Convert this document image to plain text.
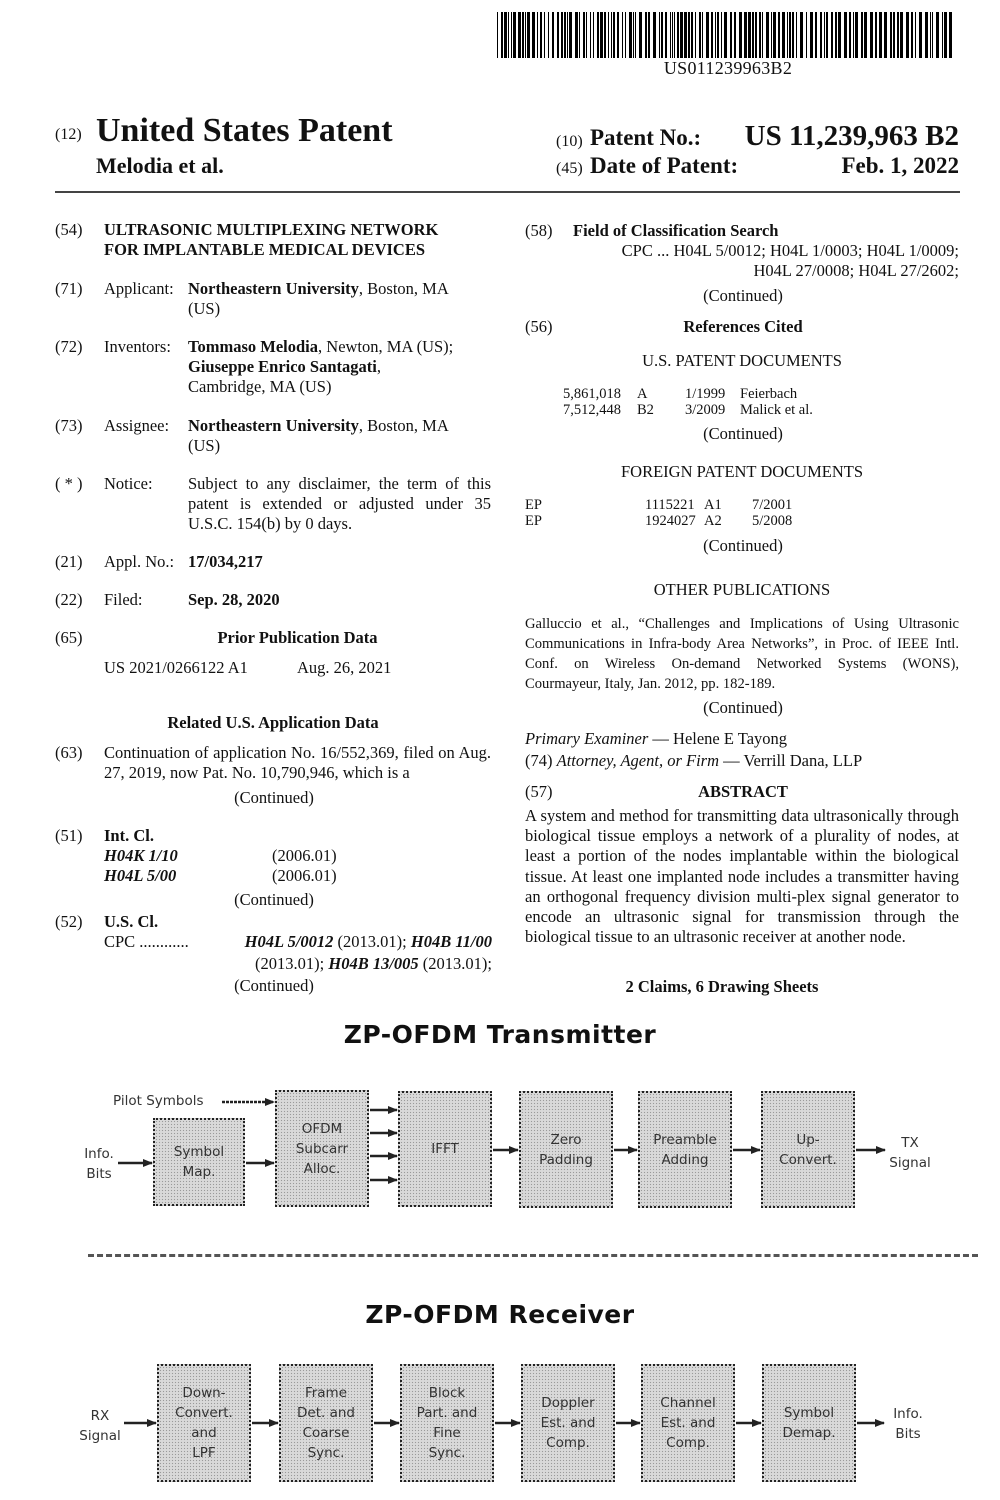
US011239963B2
(12) United States Patent
Melodia et al.
(10) Patent No.:	US 11,239,963 B2
(45) Date of Patent:	Feb. 1, 2022
(54) ULTRASONIC MULTIPLEXING NETWORK
FOR IMPLANTABLE MEDICAL DEVICES
(71) Applicant: Northeastern University, Boston, MA
(US)
(72) Inventors: Tommaso Melodia, Newton, MA (US);
Giuseppe Enrico Santagati,
Cambridge, MA (US)
(73) Assignee: Northeastern University, Boston, MA
(US)
( * ) Notice: Subject to any disclaimer, the term of this patent is extended or adjusted under 35 U.S.C. 154(b) by 0 days.
(21) Appl. No.: 17/034,217
(22) Filed:	Sep. 28, 2020
(65)	Prior Publication Data
US 2021/0266122 A1	Aug. 26, 2021
Related U.S. Application Data
(63) Continuation of application No. 16/552,369, filed on Aug. 27, 2019, now Pat. No. 10,790,946, which is a
(Continued)
(51) Int. Cl.
H04K 1/10	(2006.01)
H04L 5/00	(2006.01)
(Continued)
(52) U.S. Cl.
CPC ............	H04L 5/0012 (2013.01); H04B 11/00
(2013.01); H04B 13/005 (2013.01);
(Continued)
(58) Field of Classification Search
CPC ... H04L 5/0012; H04L 1/0003; H04L 1/0009;
H04L 27/0008; H04L 27/2602;
(Continued)
(56)	References Cited
U.S. PATENT DOCUMENTS
5,861,018 A	1/1999 Feierbach
7,512,448 B2 3/2009 Malick et al.
(Continued)
FOREIGN PATENT DOCUMENTS
EP	1115221 A1 7/2001
EP	1924027 A2 5/2008
(Continued)
OTHER PUBLICATIONS
Galluccio et al., “Challenges and Implications of Using Ultrasonic Communications in Infra-body Area Networks”, in Proc. of IEEE Intl. Conf. on Wireless On-demand Networked Systems (WONS), Courmayeur, Italy, Jan. 2012, pp. 182-189.
(Continued)
Primary Examiner — Helene E Tayong
(74) Attorney, Agent, or Firm — Verrill Dana, LLP
(57)	ABSTRACT
A system and method for transmitting data ultrasonically through biological tissue employs a network of a plurality of nodes, at least a portion of the nodes implantable within the biological tissue. At least one implanted node includes a transmitter having an orthogonal frequency division multi-plex signal generator to encode an ultrasonic signal for transmission through the biological tissue to an ultrasonic receiver at another node.
2 Claims, 6 Drawing Sheets
ZP-OFDM Transmitter
Pilot Symbols
Info.
Bits
TX
Signal
Symbol
Map.
OFDM
Subcarr
Alloc.
IFFT
Zero
Padding
Preamble
Adding
Up-
Convert.
ZP-OFDM Receiver
RX
Signal
Info.
Bits
Down-
Convert.
and
LPF
Frame
Det. and
Coarse
Sync.
Block
Part. and
Fine
Sync.
Doppler
Est. and
Comp.
Channel
Est. and
Comp.
Symbol
Demap.
